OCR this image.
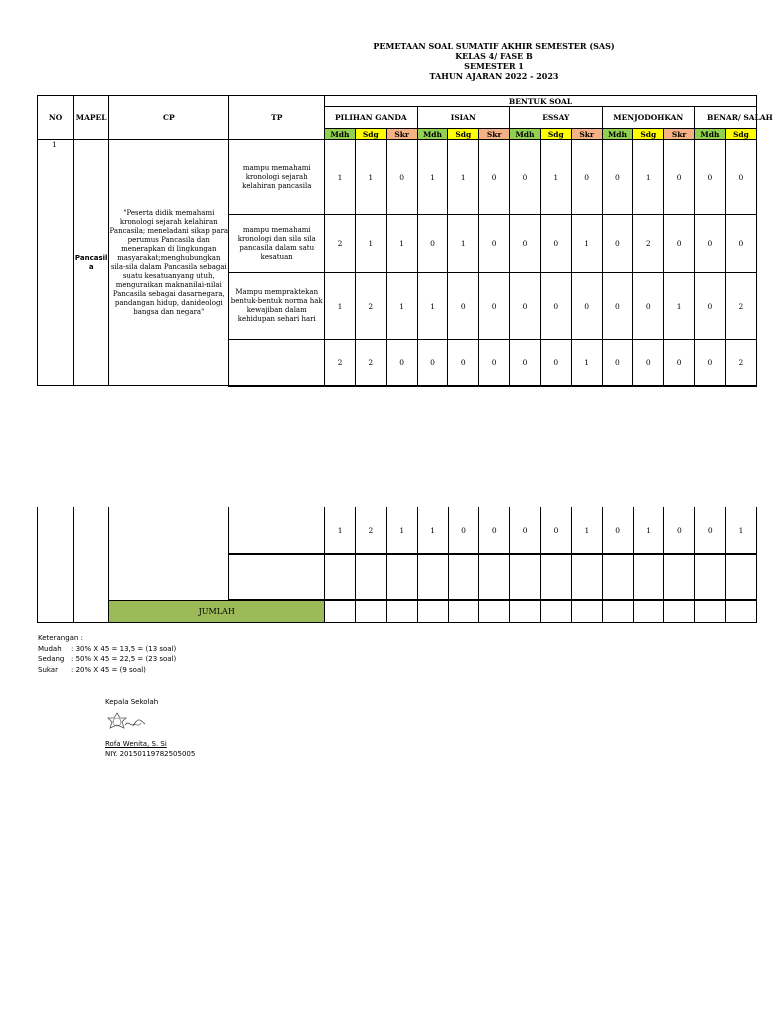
PEMETAAN SOAL SUMATIF AKHIR SEMESTER (SAS)
KELAS 4/ FASE B
SEMESTER 1
TAHUN AJARAN 2022 - 2023
NO	MAPEL	CP	TP	BENTUK SOAL													
				PILIHAN GANDA			ISIAN			ESSAY			MENJODOHKAN			BENAR/ SALAH	
				Mdh	Sdg	Skr	Mdh	Sdg	Skr	Mdh	Sdg	Skr	Mdh	Sdg	Skr	Mdh	Sdg
1	Pancasil a	"Peserta didik memahami kronologi sejarah kelahiran Pancasila; meneladani sikap para perumus Pancasila dan menerapkan di lingkungan masyarakat;menghubungkan sila-sila dalam Pancasila sebagai suatu kesatuanyang utuh, menguraikan maknanilai-nilai Pancasila sebagai dasarnegara, pandangan hidup, danideologi bangsa dan negara"	mampu memahami kronologi sejarah kelahiran pancasila	1	1	0	1	1	0	0	1	0	0	1	0	0	0
			mampu memahami kronologi dan sila sila pancasila dalam satu kesatuan	2	1	1	0	1	0	0	0	1	0	2	0	0	0
			Mampu mempraktekan bentuk-bentuk norma hak kewajiban dalam kehidupan sehari hari	1	2	1	1	0	0	0	0	0	0	0	1	0	2
				2	2	0	0	0	0	0	0	1	0	0	0	0	2
				1	2	1	1	0	0	0	0	1	0	1	0	0	1

		JUMLAH															
Keterangan :
Mudah : 30% X 45 = 13,5 = (13 soal)
Sedang : 50% X 45 = 22,5 = (23 soal)
Sukar : 20% X 45 = (9 soal)
Kepala Sekolah
Rofa Wenita, S. Si
NIY. 20150119782505005
